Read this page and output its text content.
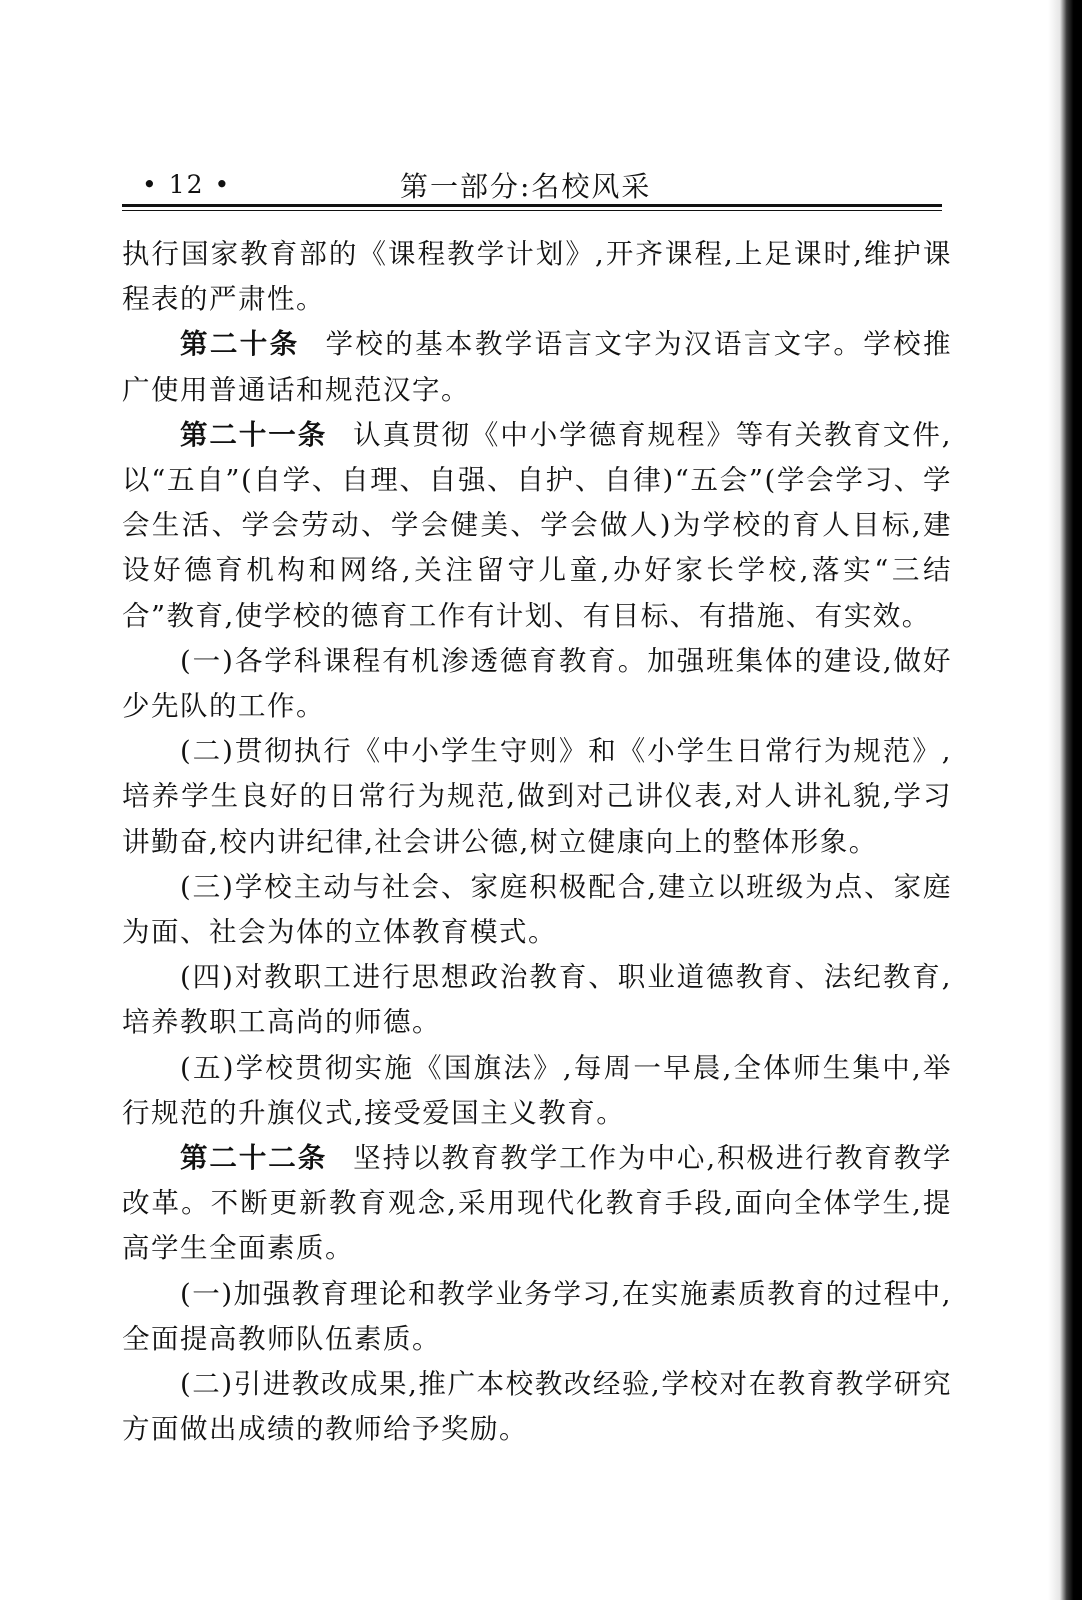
• 12 •	第一部分:名校风采

执行国家教育部的《课程教学计划》,开齐课程,上足课时,维护课程表的严肃性。

第二十条 学校的基本教学语言文字为汉语言文字。学校推广使用普通话和规范汉字。

第二十一条 认真贯彻《中小学德育规程》等有关教育文件,以“五自”(自学、自理、自强、自护、自律)“五会”(学会学习、学会生活、学会劳动、学会健美、学会做人)为学校的育人目标,建设好德育机构和网络,关注留守儿童,办好家长学校,落实“三结合”教育,使学校的德育工作有计划、有目标、有措施、有实效。

(一)各学科课程有机渗透德育教育。加强班集体的建设,做好少先队的工作。

(二)贯彻执行《中小学生守则》和《小学生日常行为规范》,培养学生良好的日常行为规范,做到对己讲仪表,对人讲礼貌,学习讲勤奋,校内讲纪律,社会讲公德,树立健康向上的整体形象。

(三)学校主动与社会、家庭积极配合,建立以班级为点、家庭为面、社会为体的立体教育模式。

(四)对教职工进行思想政治教育、职业道德教育、法纪教育,培养教职工高尚的师德。

(五)学校贯彻实施《国旗法》,每周一早晨,全体师生集中,举行规范的升旗仪式,接受爱国主义教育。

第二十二条 坚持以教育教学工作为中心,积极进行教育教学改革。不断更新教育观念,采用现代化教育手段,面向全体学生,提高学生全面素质。

(一)加强教育理论和教学业务学习,在实施素质教育的过程中,全面提高教师队伍素质。

(二)引进教改成果,推广本校教改经验,学校对在教育教学研究方面做出成绩的教师给予奖励。
